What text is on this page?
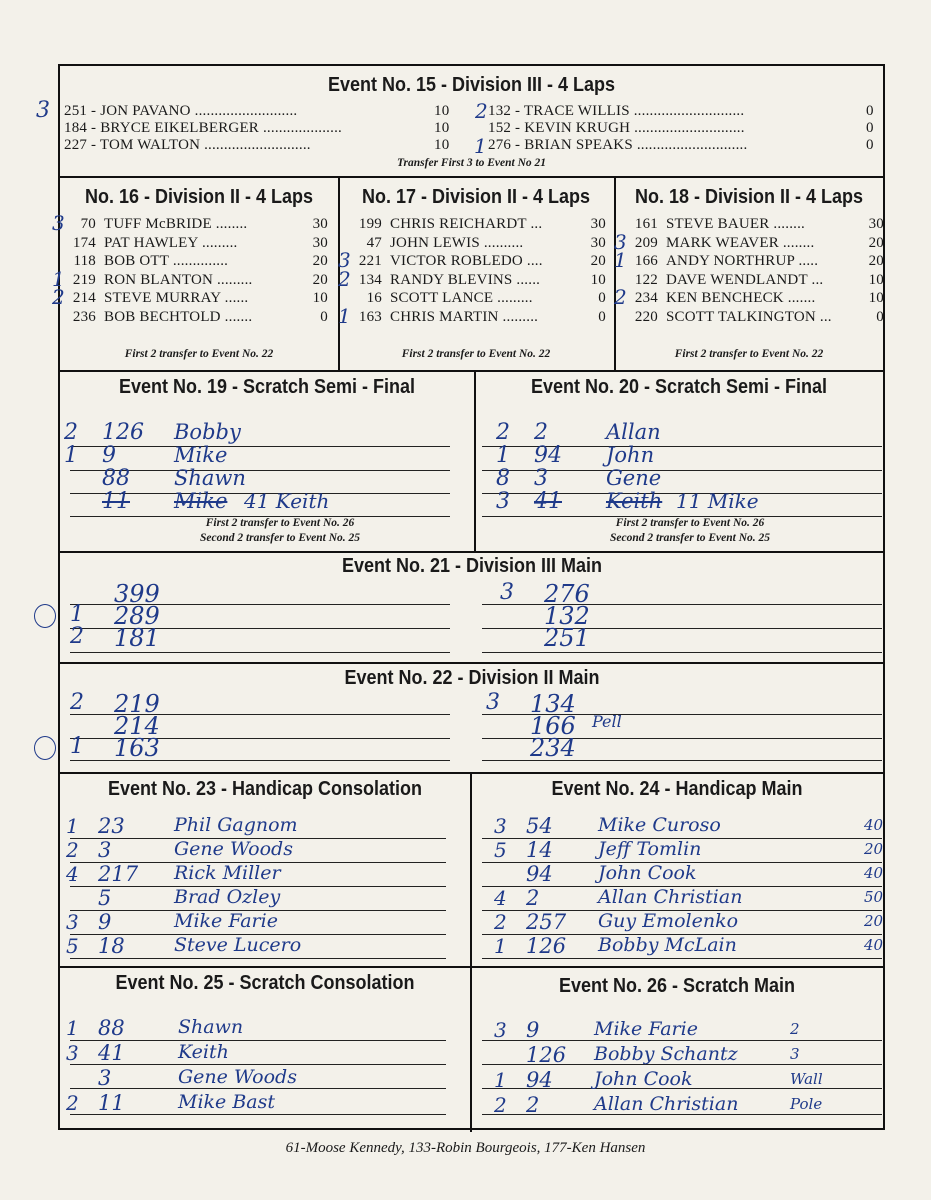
Event No. 15 - Division III - 4 Laps
3 251 - JON PAVANO ..........................	10
184 - BRYCE EIKELBERGER ....................	10
227 - TOM WALTON ...........................	10
2 132 - TRACE WILLIS ............................	0
152 - KEVIN KRUGH ............................	0
1 276 - BRIAN SPEAKS ............................	0
Transfer First 3 to Event No 21
No. 16 - Division II - 4 Laps	No. 17 - Division II - 4 Laps	No. 18 - Division II - 4 Laps
3	70 TUFF McBRIDE ........	30
174 PAT HAWLEY .........	30
118 BOB OTT ..............	20
1 219 RON BLANTON .........	20
2 214 STEVE MURRAY ......	10
236 BOB BECHTOLD .......	0
199 CHRIS REICHARDT ...	30
47 JOHN LEWIS ..........	30
3 221 VICTOR ROBLEDO ....	20
2 134 RANDY BLEVINS ......	10
16 SCOTT LANCE .........	0
1 163 CHRIS MARTIN .........	0
161 STEVE BAUER ........	30
3 209 MARK WEAVER ........	20
1 166 ANDY NORTHRUP .....	20
122 DAVE WENDLANDT ...	10
2 234 KEN BENCHECK .......	10
220 SCOTT TALKINGTON ...	0
First 2 transfer to Event No. 22	First 2 transfer to Event No. 22	First 2 transfer to Event No. 22
Event No. 19 - Scratch Semi - Final	Event No. 20 - Scratch Semi - Final
2 126 Bobby
1 9	Mike
88 Shawn
11 Mike 41 Keith
2 2	Allan
1 94 John
8 3	Gene
3 41 Keith 11 Mike
First 2 transfer to Event No. 26
Second 2 transfer to Event No. 25
First 2 transfer to Event No. 26
Second 2 transfer to Event No. 25
Event No. 21 - Division III Main
399
1 289
2 181
3 276
132
251
Event No. 22 - Division II Main
2 219
214
1 163
3 134
166 Pell
234
Event No. 23 - Handicap Consolation	Event No. 24 - Handicap Main
1 23	Phil Gagnom
2 3	Gene Woods
4 217 Rick Miller
5	Brad Ozley
3 9	Mike Farie
5 18	Steve Lucero
3 54 Mike Curoso	40
5 14 Jeff Tomlin	20
94 John Cook	40
4 2	Allan Christian	50
2 257 Guy Emolenko	20
1 126 Bobby McLain	40
Event No. 25 - Scratch Consolation	Event No. 26 - Scratch Main
1 88	Shawn
3 41	Keith
3	Gene Woods
2 11	Mike Bast
3 9	Mike Farie	2
126 Bobby Schantz	3
1 94 John Cook	Wall
2 2	Allan Christian	Pole
61-Moose Kennedy, 133-Robin Bourgeois, 177-Ken Hansen
